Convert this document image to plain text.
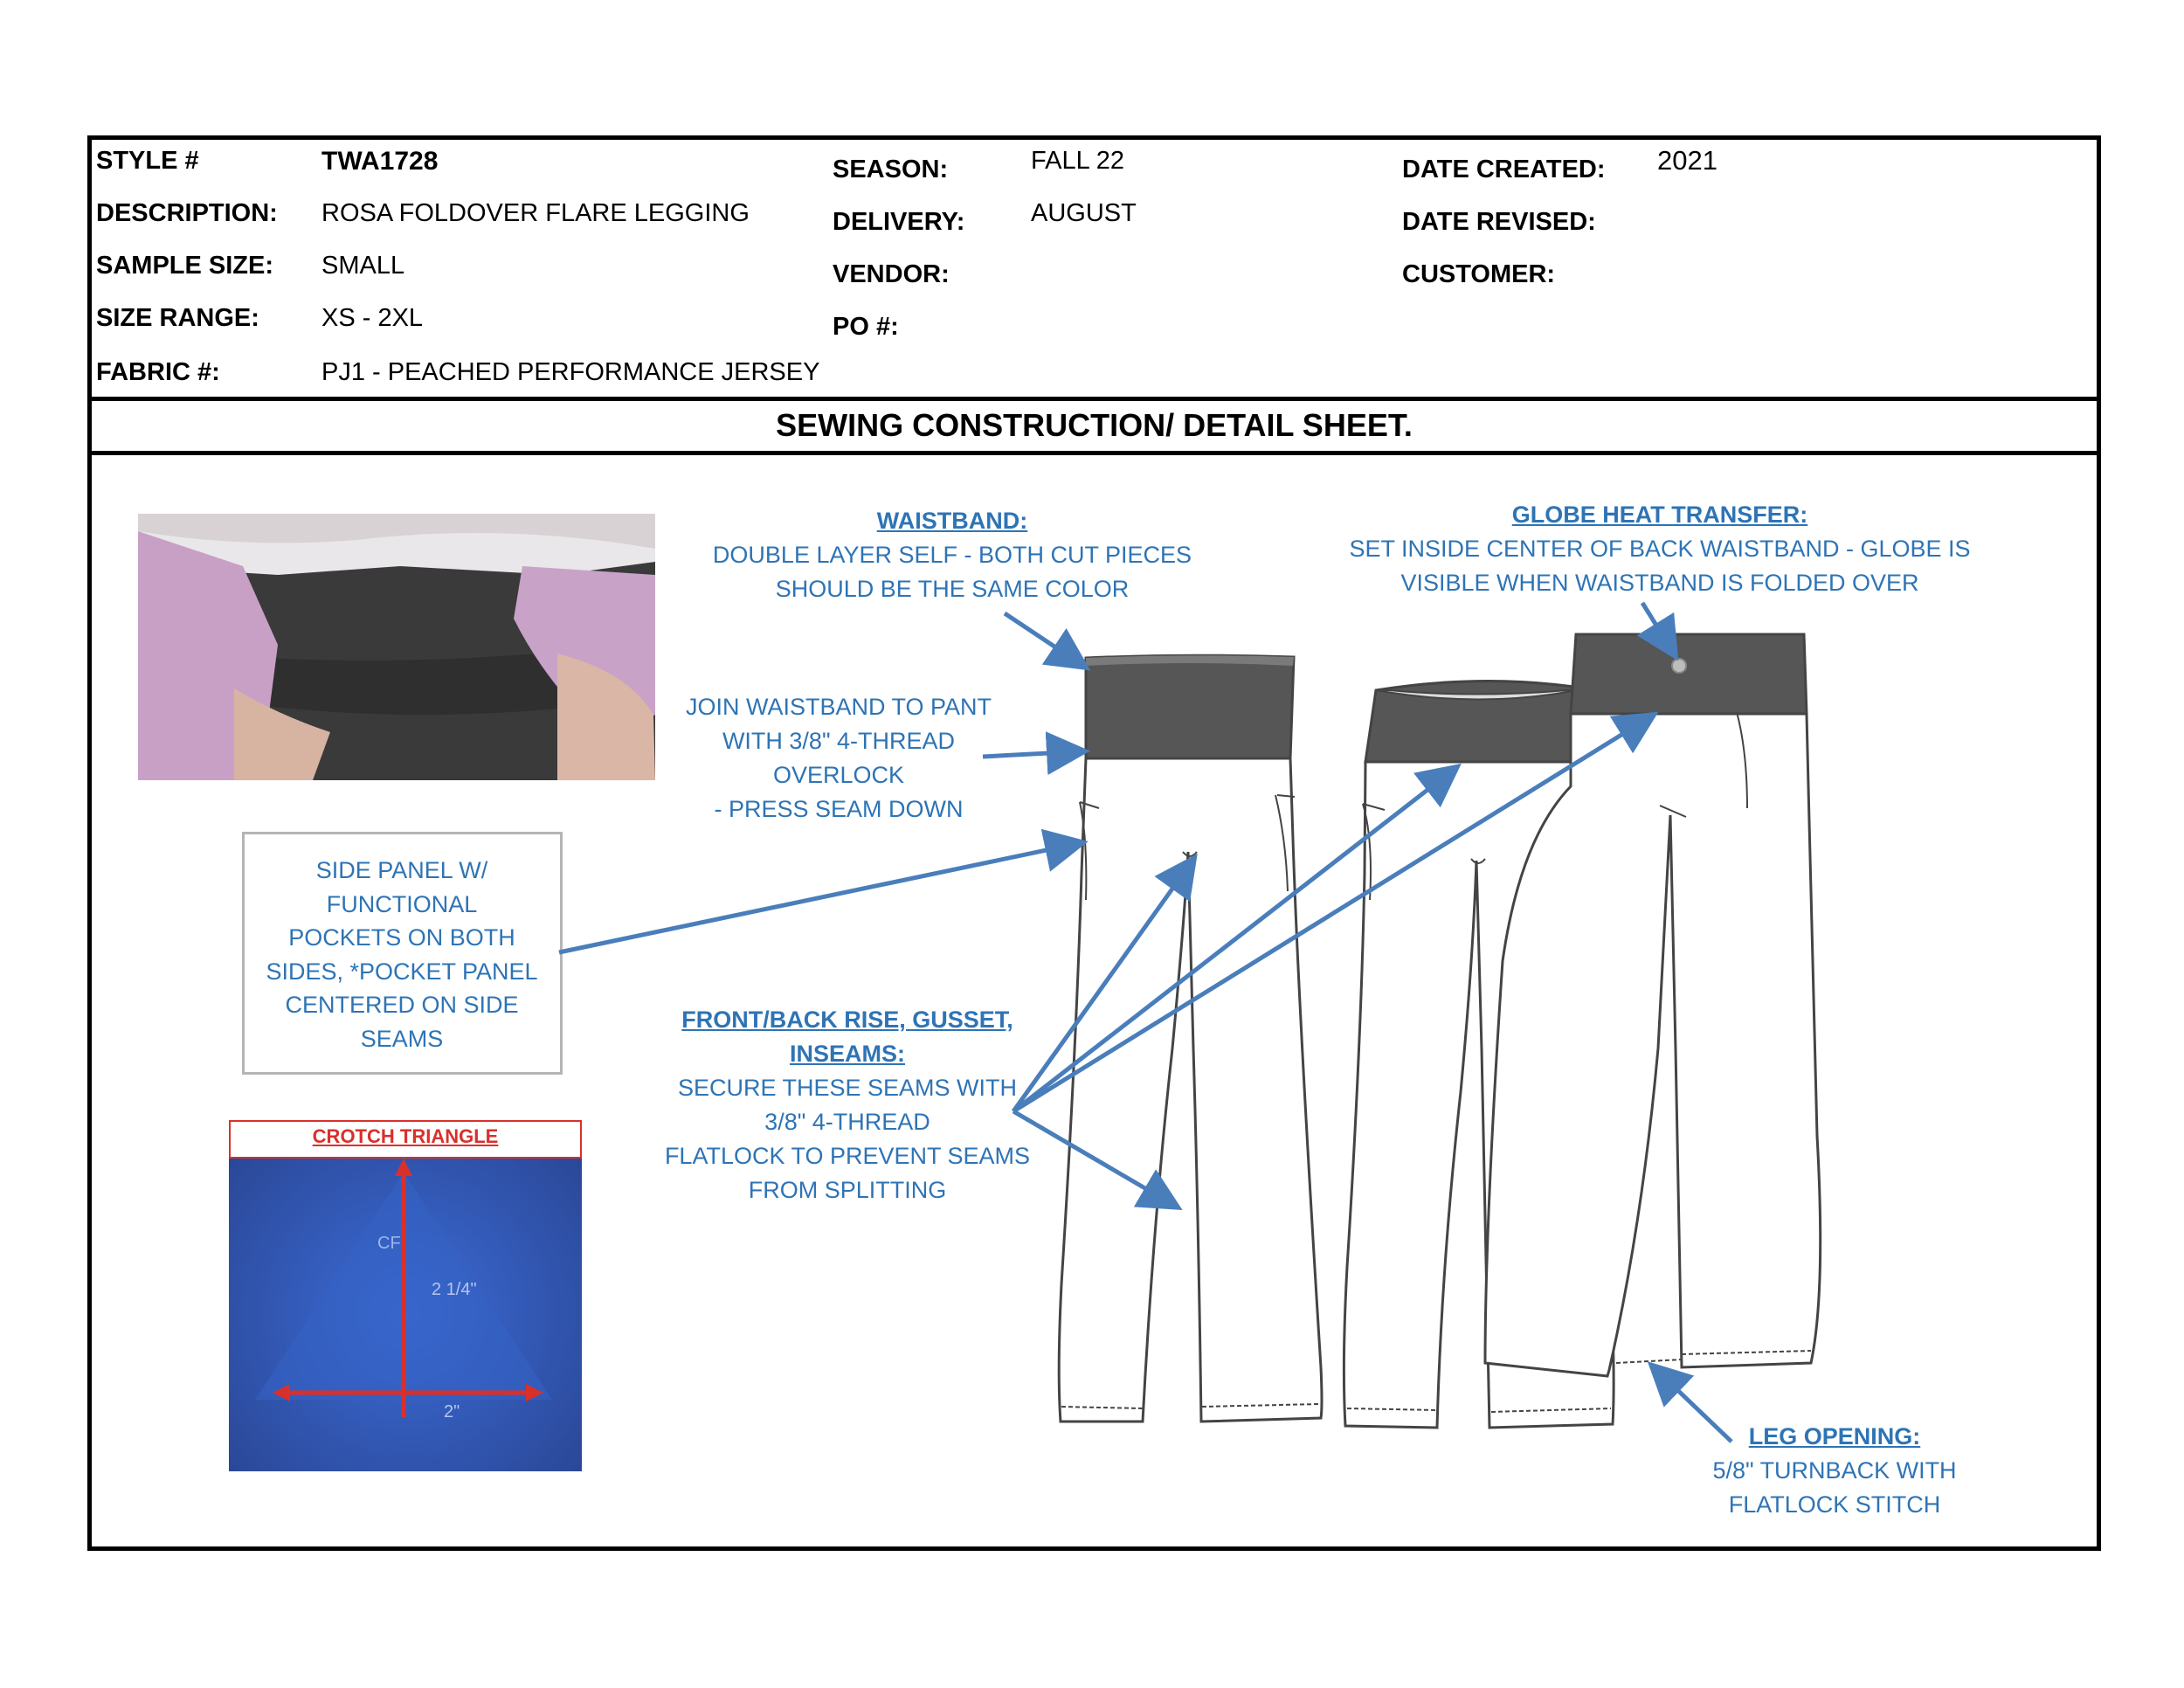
STYLE #	TWA1728
DESCRIPTION: ROSA FOLDOVER FLARE LEGGING
SAMPLE SIZE: SMALL
SIZE RANGE: XS - 2XL
FABRIC #:	PJ1 - PEACHED PERFORMANCE JERSEY
SEASON:	FALL 22
DELIVERY:	AUGUST
VENDOR:
PO #:
DATE CREATED: 2021
DATE REVISED:
CUSTOMER:
SEWING CONSTRUCTION/ DETAIL SHEET.
SIDE PANEL W/
FUNCTIONAL
POCKETS ON BOTH
SIDES, *POCKET PANEL
CENTERED ON SIDE
SEAMS
CROTCH TRIANGLE
CF
2 1/4"
2"
WAISTBAND:
DOUBLE LAYER SELF - BOTH CUT PIECES
SHOULD BE THE SAME COLOR
JOIN WAISTBAND TO PANT
WITH 3/8" 4-THREAD
OVERLOCK
- PRESS SEAM DOWN
FRONT/BACK RISE, GUSSET,
INSEAMS:
SECURE THESE SEAMS WITH
3/8" 4-THREAD
FLATLOCK TO PREVENT SEAMS
FROM SPLITTING
GLOBE HEAT TRANSFER:
SET INSIDE CENTER OF BACK WAISTBAND - GLOBE IS
VISIBLE WHEN WAISTBAND IS FOLDED OVER
LEG OPENING:
5/8" TURNBACK WITH
FLATLOCK STITCH
